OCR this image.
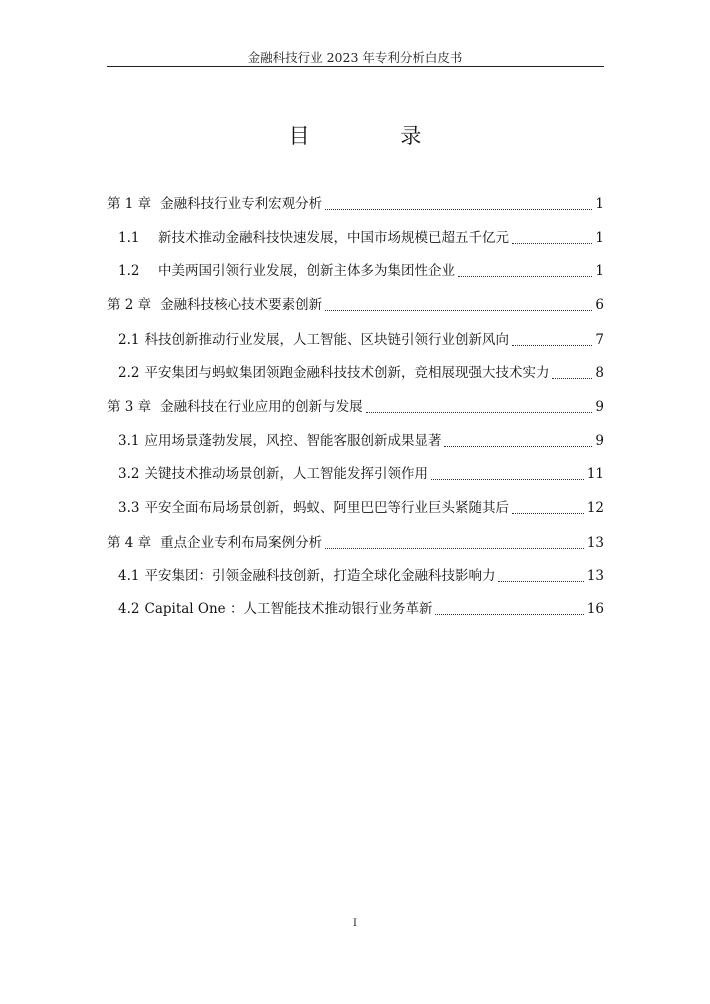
金融科技行业 2023 年专利分析白皮书
目 录
第 1 章 金融科技行业专利宏观分析	1
1.1	新技术推动金融科技快速发展，中国市场规模已超五千亿元	1
1.2	中美两国引领行业发展，创新主体多为集团性企业	1
第 2 章 金融科技核心技术要素创新	6
2.1 科技创新推动行业发展，人工智能、区块链引领行业创新风向	7
2.2 平安集团与蚂蚁集团领跑金融科技技术创新，竞相展现强大技术实力	8
第 3 章 金融科技在行业应用的创新与发展	9
3.1 应用场景蓬勃发展，风控、智能客服创新成果显著	9
3.2 关键技术推动场景创新，人工智能发挥引领作用	11
3.3 平安全面布局场景创新，蚂蚁、阿里巴巴等行业巨头紧随其后	12
第 4 章 重点企业专利布局案例分析	13
4.1 平安集团：引领金融科技创新，打造全球化金融科技影响力	13
4.2 Capital One ：人工智能技术推动银行业务革新	16
I
